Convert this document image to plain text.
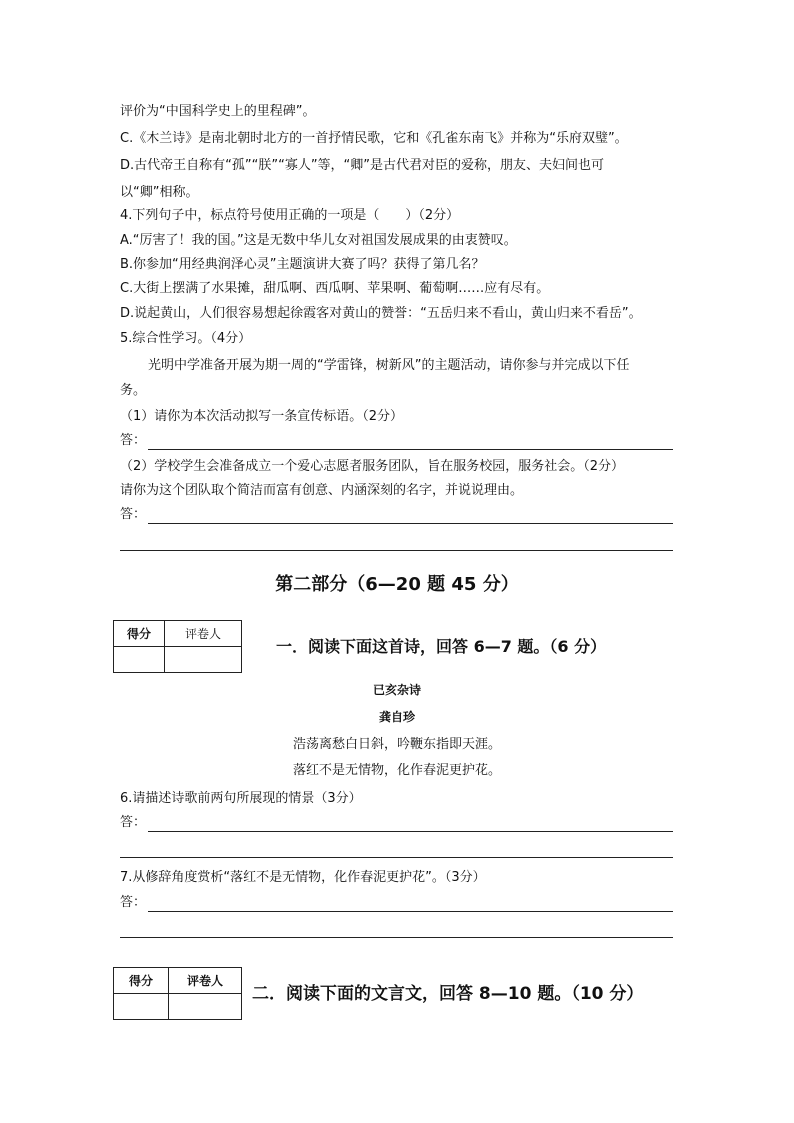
评价为“中国科学史上的里程碑”。
C.《木兰诗》是南北朝时北方的一首抒情民歌，它和《孔雀东南飞》并称为“乐府双璧”。
D.古代帝王自称有“孤”“朕”“寡人”等，“卿”是古代君对臣的爱称，朋友、夫妇间也可
以“卿”相称。
4.下列句子中，标点符号使用正确的一项是（　　）（2分）
A.“厉害了！我的国。”这是无数中华儿女对祖国发展成果的由衷赞叹。
B.你参加“用经典润泽心灵”主题演讲大赛了吗？获得了第几名？
C.大街上摆满了水果摊，甜瓜啊、西瓜啊、苹果啊、葡萄啊……应有尽有。
D.说起黄山，人们很容易想起徐霞客对黄山的赞誉：“五岳归来不看山，黄山归来不看岳”。
5.综合性学习。（4分）
光明中学准备开展为期一周的“学雷锋，树新风”的主题活动，请你参与并完成以下任
务。
（1）请你为本次活动拟写一条宣传标语。（2分）
答：
（2）学校学生会准备成立一个爱心志愿者服务团队，旨在服务校园，服务社会。（2分）
请你为这个团队取个简洁而富有创意、内涵深刻的名字，并说说理由。
答：
第二部分（6—20 题 45 分）
得分	评卷人

一．阅读下面这首诗，回答 6—7 题。（6 分）
已亥杂诗
龚自珍
浩荡离愁白日斜，吟鞭东指即天涯。
落红不是无情物，化作春泥更护花。
6.请描述诗歌前两句所展现的情景（3分）
答：
7.从修辞角度赏析“落红不是无情物，化作春泥更护花”。（3分）
答：
得分	评卷人

二．阅读下面的文言文，回答 8—10 题。（10 分）
